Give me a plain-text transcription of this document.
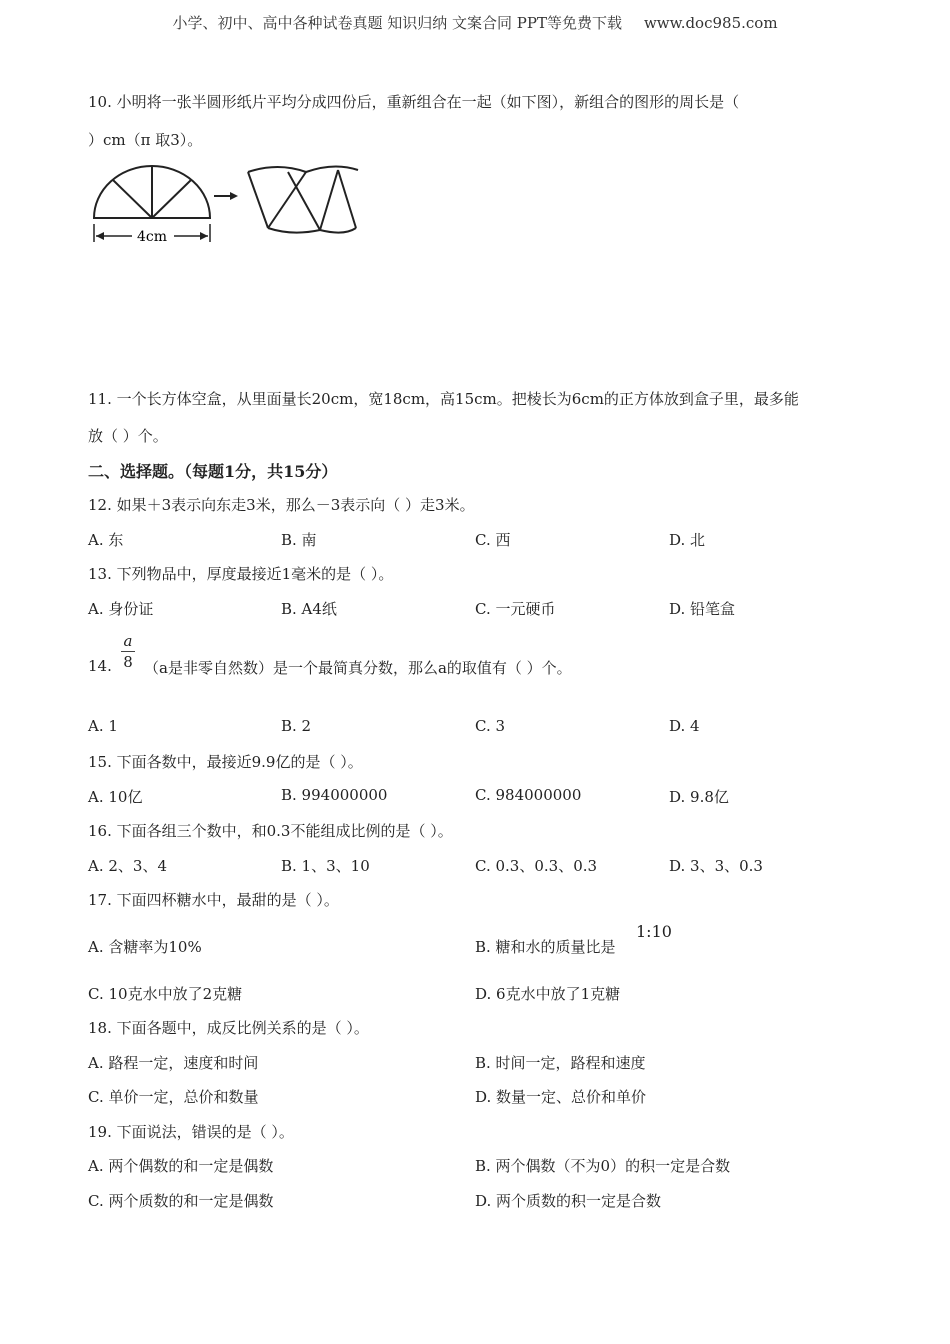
小学、初中、高中各种试卷真题 知识归纳 文案合同 PPT等免费下载 www.doc985.com
10. 小明将一张半圆形纸片平均分成四份后，重新组合在一起（如下图），新组合的图形的周长是（
）cm（π 取3）。
4cm
11. 一个长方体空盒，从里面量长20cm，宽18cm，高15cm。把棱长为6cm的正方体放到盒子里，最多能
放（ ）个。
二、选择题。（每题1分，共15分）
12. 如果＋3表示向东走3米，那么－3表示向（ ）走3米。
A. 东	B. 南	C. 西	D. 北
13. 下列物品中，厚度最接近1毫米的是（ ）。
A. 身份证	B. A4纸	C. 一元硬币	D. 铅笔盒
a
8
14. （a是非零自然数）是一个最简真分数，那么a的取值有（ ）个。
A. 1	B. 2	C. 3	D. 4
15. 下面各数中，最接近9.9亿的是（ ）。
A. 10亿	B. 994000000	C. 984000000	D. 9.8亿
16. 下面各组三个数中，和0.3不能组成比例的是（ ）。
A. 2、3、4	B. 1、3、10	C. 0.3、0.3、0.3	D. 3、3、0.3
17. 下面四杯糖水中，最甜的是（ ）。
A. 含糖率为10%	B. 糖和水的质量比是
1:10
C. 10克水中放了2克糖	D. 6克水中放了1克糖
18. 下面各题中，成反比例关系的是（ ）。
A. 路程一定，速度和时间	B. 时间一定，路程和速度
C. 单价一定，总价和数量	D. 数量一定、总价和单价
19. 下面说法，错误的是（ ）。
A. 两个偶数的和一定是偶数	B. 两个偶数（不为0）的积一定是合数
C. 两个质数的和一定是偶数	D. 两个质数的积一定是合数
